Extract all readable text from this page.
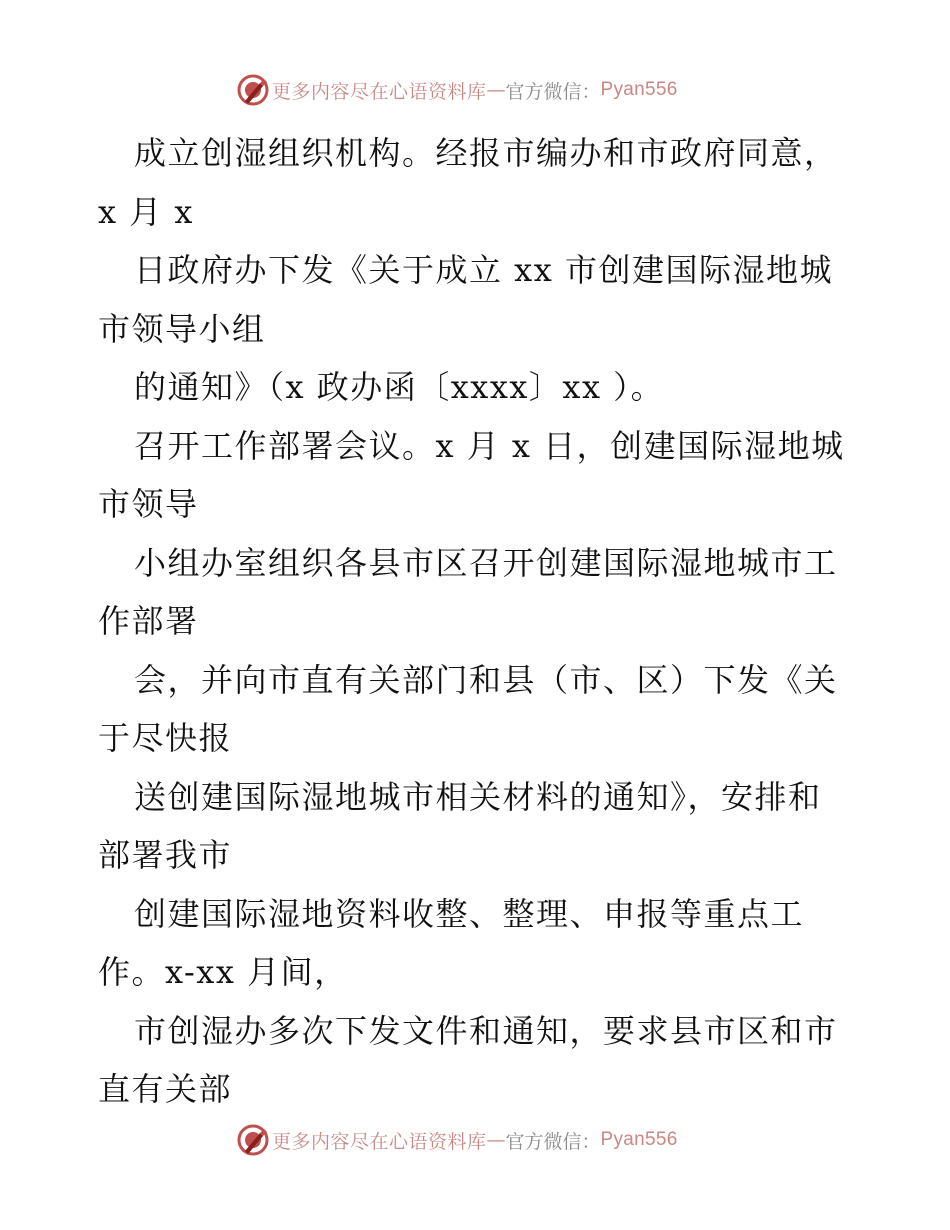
更多内容尽在心语资料库 — 官方微信： Pyan556
成立创湿组织机构。经报市编办和市政府同意，
x 月 x
日政府办下发《关于成立 xx 市创建国际湿地城
市领导小组
的通知》（x 政办函〔xxxx〕xx ）。
召开工作部署会议。x 月 x 日，创建国际湿地城
市领导
小组办室组织各县市区召开创建国际湿地城市工
作部署
会，并向市直有关部门和县（市、区）下发《关
于尽快报
送创建国际湿地城市相关材料的通知》，安排和
部署我市
创建国际湿地资料收整、整理、申报等重点工
作。x-xx 月间，
市创湿办多次下发文件和通知，要求县市区和市
直有关部
更多内容尽在心语资料库 — 官方微信： Pyan556
